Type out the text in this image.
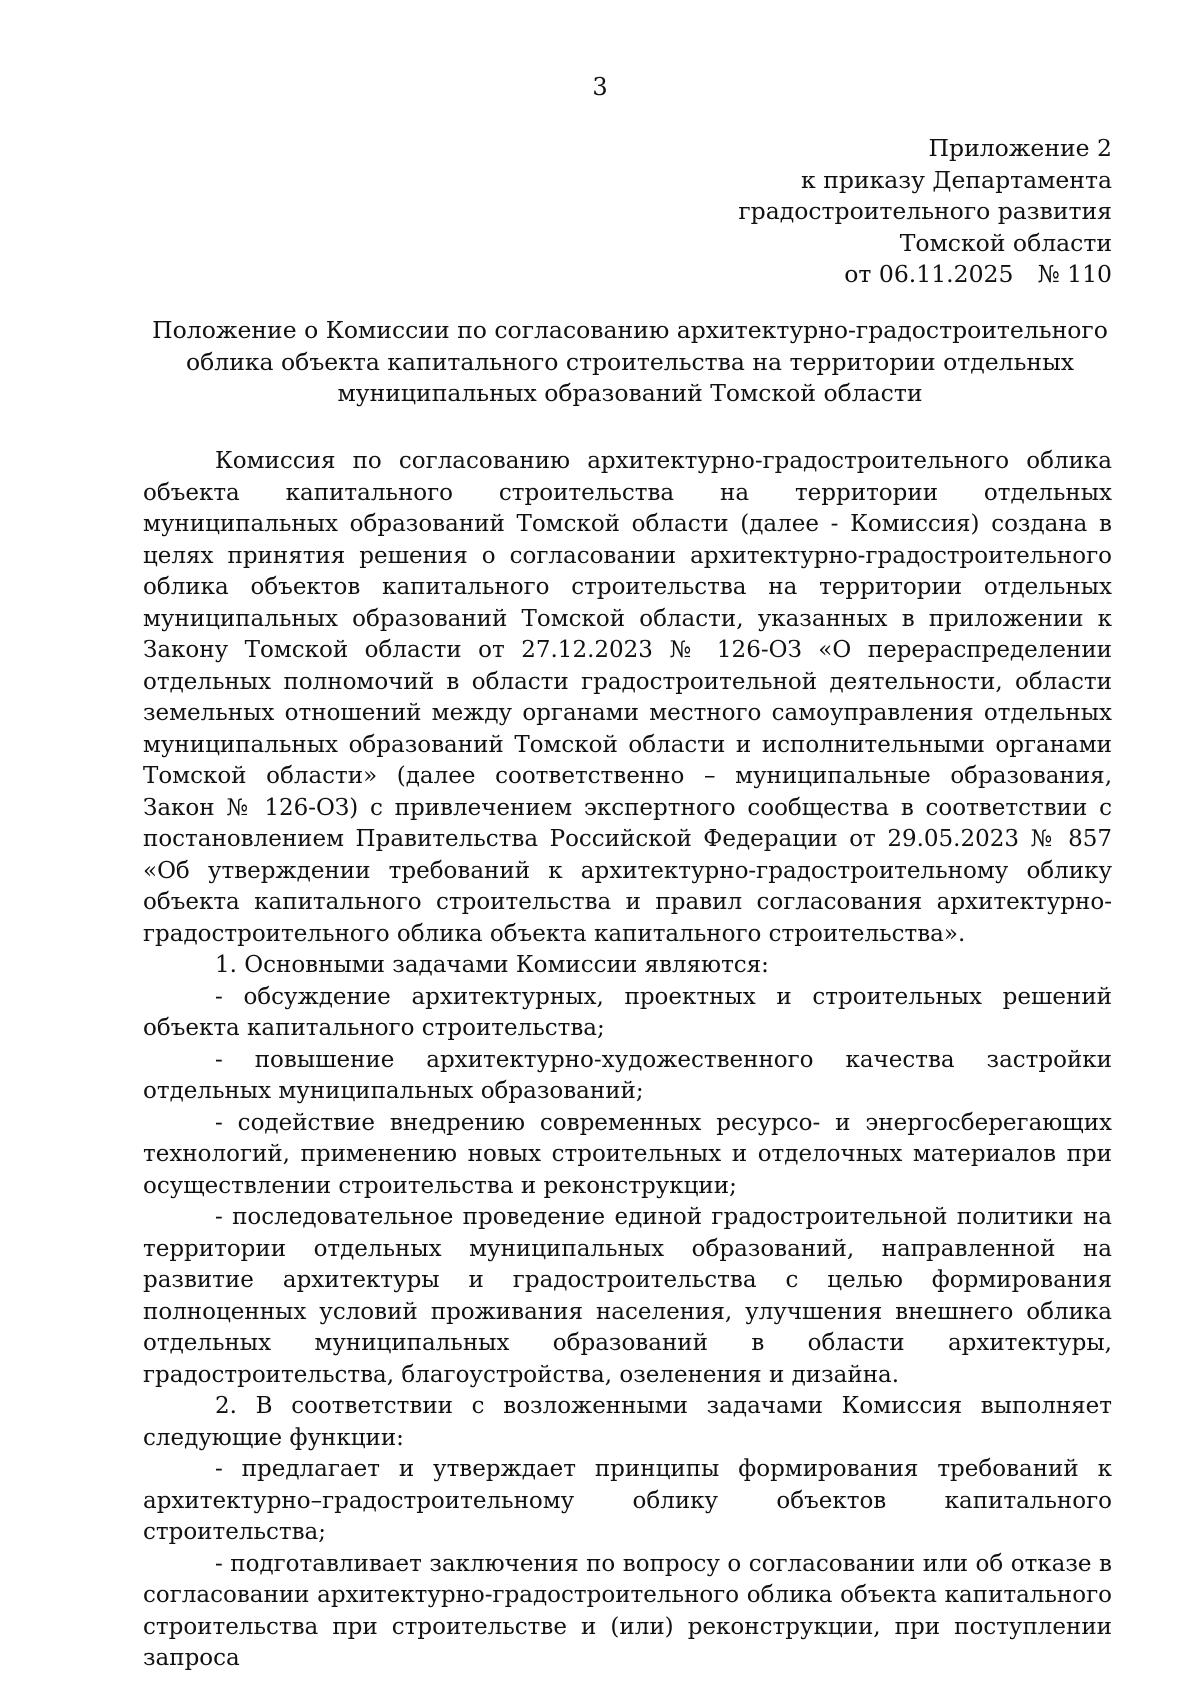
3
Приложение 2
к приказу Департамента
градостроительного развития
Томской области
от 06.11.2025 № 110
Положение о Комиссии по согласованию архитектурно-градостроительного
облика объекта капитального строительства на территории отдельных
муниципальных образований Томской области

Комиссия по согласованию архитектурно-градостроительного облика объекта капитального строительства на территории отдельных муниципальных образований Томской области (далее - Комиссия) создана в целях принятия решения о согласовании архитектурно-градостроительного облика объектов капитального строительства на территории отдельных муниципальных образований Томской области, указанных в приложении к Закону Томской области от 27.12.2023 № 126-ОЗ «О перераспределении отдельных полномочий в области градостроительной деятельности, области земельных отношений между органами местного самоуправления отдельных муниципальных образований Томской области и исполнительными органами Томской области» (далее соответственно – муниципальные образования, Закон № 126-ОЗ) с привлечением экспертного сообщества в соответствии с постановлением Правительства Российской Федерации от 29.05.2023 № 857 «Об утверждении требований к архитектурно-градостроительному облику объекта капитального строительства и правил согласования архитектурно-градостроительного облика объекта капитального строительства».

1. Основными задачами Комиссии являются:

- обсуждение архитектурных, проектных и строительных решений объекта капитального строительства;

- повышение архитектурно-художественного качества застройки отдельных муниципальных образований;

- содействие внедрению современных ресурсо- и энергосберегающих технологий, применению новых строительных и отделочных материалов при осуществлении строительства и реконструкции;

- последовательное проведение единой градостроительной политики на территории отдельных муниципальных образований, направленной на развитие архитектуры и градостроительства с целью формирования полноценных условий проживания населения, улучшения внешнего облика отдельных муниципальных образований в области архитектуры, градостроительства, благоустройства, озеленения и дизайна.

2. В соответствии с возложенными задачами Комиссия выполняет следующие функции:

- предлагает и утверждает принципы формирования требований к архитектурно–градостроительному облику объектов капитального строительства;

- подготавливает заключения по вопросу о согласовании или об отказе в согласовании архитектурно-градостроительного облика объекта капитального строительства при строительстве и (или) реконструкции, при поступлении запроса
